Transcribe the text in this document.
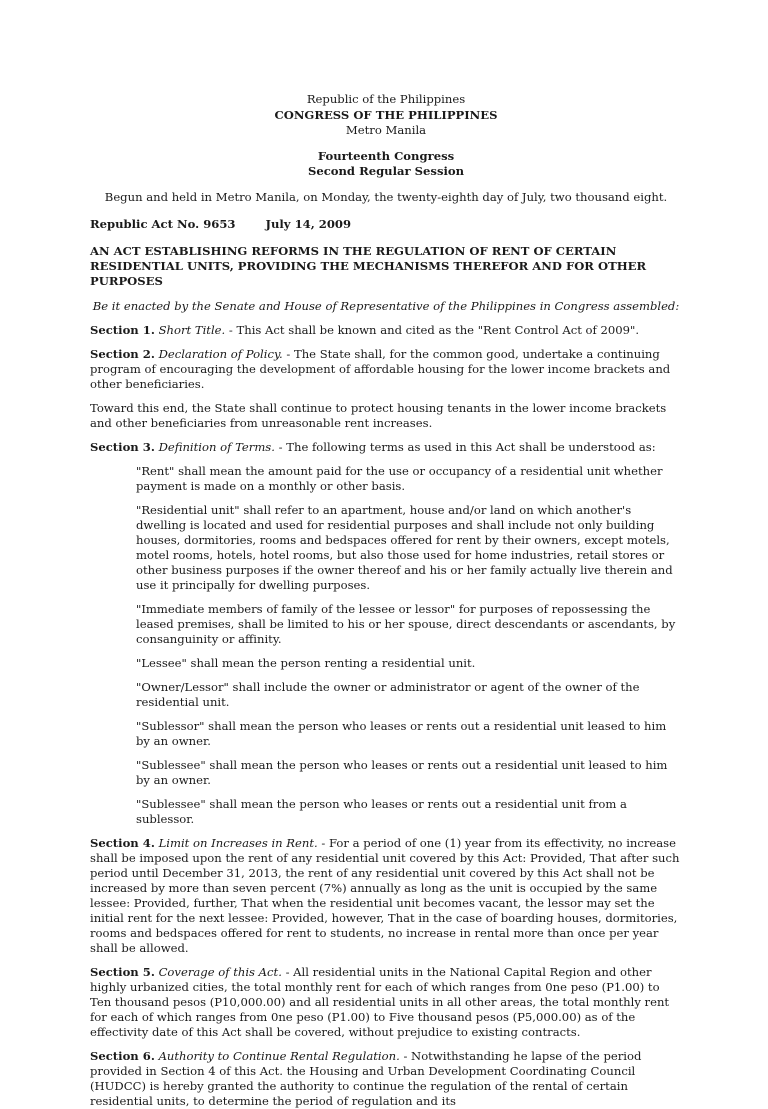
Republic of the Philippines

CONGRESS OF THE PHILIPPINES

Metro Manila

Fourteenth Congress

Second Regular Session

Begun and held in Metro Manila, on Monday, the twenty-eighth day of July, two thousand eight.

Republic Act No. 9653	July 14, 2009

AN ACT ESTABLISHING REFORMS IN THE REGULATION OF RENT OF CERTAIN RESIDENTIAL UNITS, PROVIDING THE MECHANISMS THEREFOR AND FOR OTHER PURPOSES

Be it enacted by the Senate and House of Representative of the Philippines in Congress assembled:

Section 1. Short Title. - This Act shall be known and cited as the "Rent Control Act of 2009".

Section 2. Declaration of Policy. - The State shall, for the common good, undertake a continuing program of encouraging the development of affordable housing for the lower income brackets and other beneficiaries.

Toward this end, the State shall continue to protect housing tenants in the lower income brackets and other beneficiaries from unreasonable rent increases.

Section 3. Definition of Terms. - The following terms as used in this Act shall be understood as:

"Rent" shall mean the amount paid for the use or occupancy of a residential unit whether payment is made on a monthly or other basis.

"Residential unit" shall refer to an apartment, house and/or land on which another's dwelling is located and used for residential purposes and shall include not only building houses, dormitories, rooms and bedspaces offered for rent by their owners, except motels, motel rooms, hotels, hotel rooms, but also those used for home industries, retail stores or other business purposes if the owner thereof and his or her family actually live therein and use it principally for dwelling purposes.

"Immediate members of family of the lessee or lessor" for purposes of repossessing the leased premises, shall be limited to his or her spouse, direct descendants or ascendants, by consanguinity or affinity.

"Lessee" shall mean the person renting a residential unit.

"Owner/Lessor" shall include the owner or administrator or agent of the owner of the residential unit.

"Sublessor" shall mean the person who leases or rents out a residential unit leased to him by an owner.

"Sublessee" shall mean the person who leases or rents out a residential unit leased to him by an owner.

"Sublessee" shall mean the person who leases or rents out a residential unit from a sublessor.

Section 4. Limit on Increases in Rent. - For a period of one (1) year from its effectivity, no increase shall be imposed upon the rent of any residential unit covered by this Act: Provided, That after such period until December 31, 2013, the rent of any residential unit covered by this Act shall not be increased by more than seven percent (7%) annually as long as the unit is occupied by the same lessee: Provided, further, That when the residential unit becomes vacant, the lessor may set the initial rent for the next lessee: Provided, however, That in the case of boarding houses, dormitories, rooms and bedspaces offered for rent to students, no increase in rental more than once per year shall be allowed.

Section 5. Coverage of this Act. - All residential units in the National Capital Region and other highly urbanized cities, the total monthly rent for each of which ranges from 0ne peso (P1.00) to Ten thousand pesos (P10,000.00) and all residential units in all other areas, the total monthly rent for each of which ranges from 0ne peso (P1.00) to Five thousand pesos (P5,000.00) as of the effectivity date of this Act shall be covered, without prejudice to existing contracts.

Section 6. Authority to Continue Rental Regulation. - Notwithstanding he lapse of the period provided in Section 4 of this Act. the Housing and Urban Development Coordinating Council (HUDCC) is hereby granted the authority to continue the regulation of the rental of certain residential units, to determine the period of regulation and its
